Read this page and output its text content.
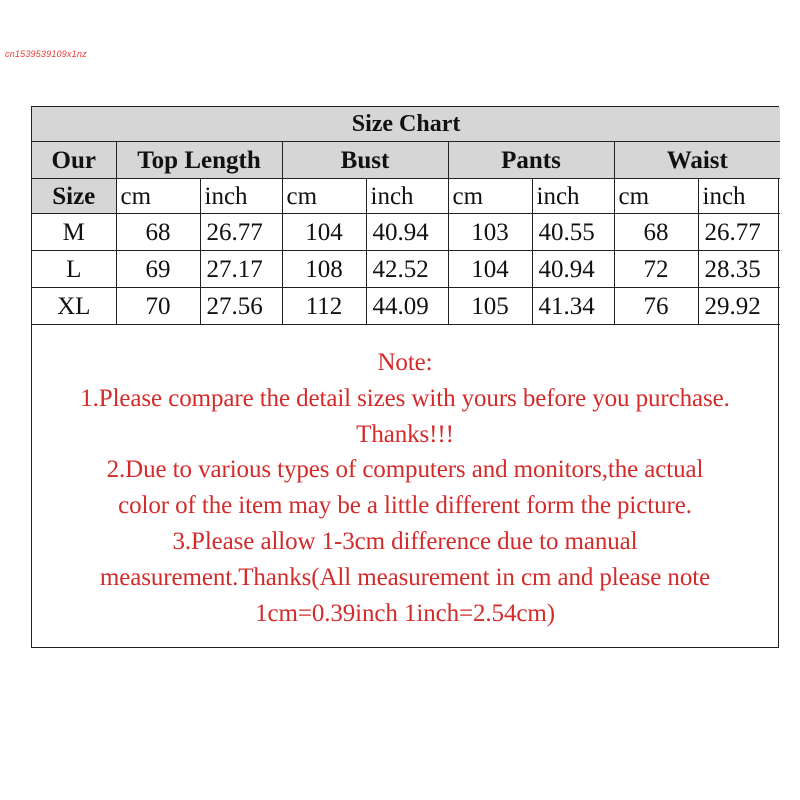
cn1539539109x1nz
Size Chart								
Our	Top Length		Bust		Pants		Waist	
Size	cm	inch	cm	inch	cm	inch	cm	inch
M	68	26.77	104	40.94	103	40.55	68	26.77
L	69	27.17	108	42.52	104	40.94	72	28.35
XL	70	27.56	112	44.09	105	41.34	76	29.92
Note:
1.Please compare the detail sizes with yours before you purchase.
Thanks!!!
2.Due to various types of computers and monitors,the actual
color of the item may be a little different form the picture.
3.Please allow 1-3cm difference due to manual
measurement.Thanks(All measurement in cm and please note
1cm=0.39inch 1inch=2.54cm)
